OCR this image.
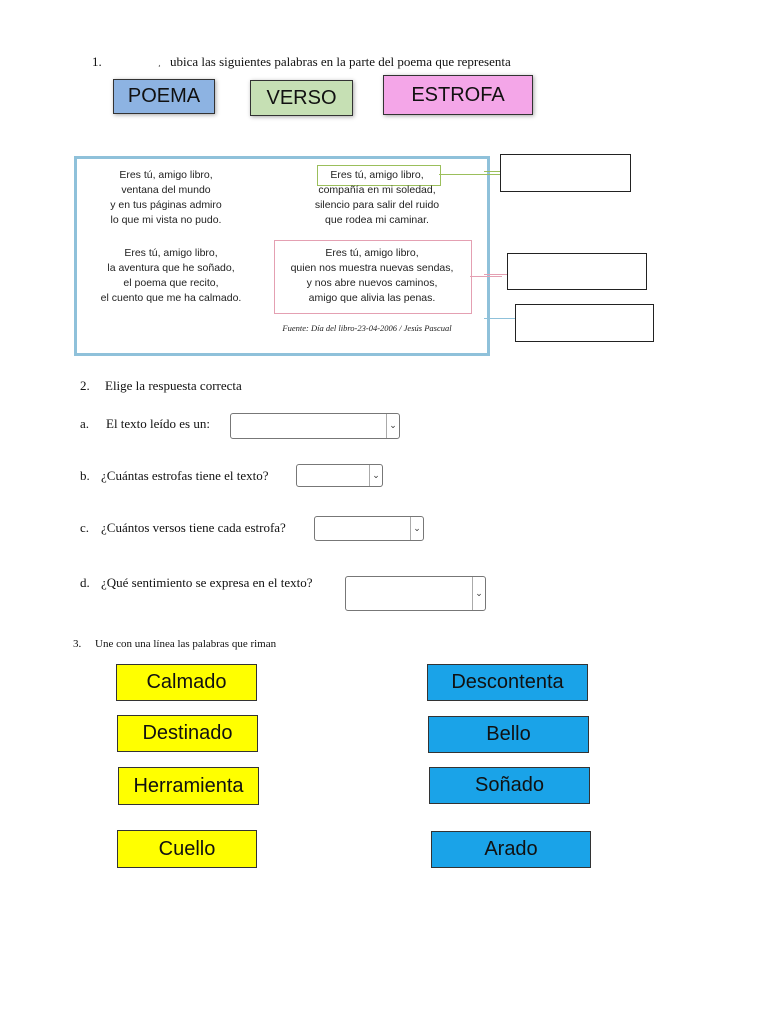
1.	¸ ubica las siguientes palabras en la parte del poema que representa
POEMA	VERSO	ESTROFA
Eres tú, amigo libro,
ventana del mundo
y en tus páginas admiro
lo que mi vista no pudo.
Eres tú, amigo libro,
la aventura que he soñado,
el poema que recito,
el cuento que me ha calmado.
Eres tú, amigo libro,
compañía en mi soledad,
silencio para salir del ruido
que rodea mi caminar.
Eres tú, amigo libro,
quien nos muestra nuevas sendas,
y nos abre nuevos caminos,
amigo que alivia las penas.
Fuente: Día del libro-23-04-2006 / Jesús Pascual
2. Elige la respuesta correcta
a. El texto leído es un:	⌄
b. ¿Cuántas estrofas tiene el texto?	⌄
c. ¿Cuántos versos tiene cada estrofa?	⌄
d. ¿Qué sentimiento se expresa en el texto?
⌄
3. Une con una línea las palabras que riman
Calmado
Destinado
Herramienta
Cuello
Descontenta
Bello
Soñado
Arado
